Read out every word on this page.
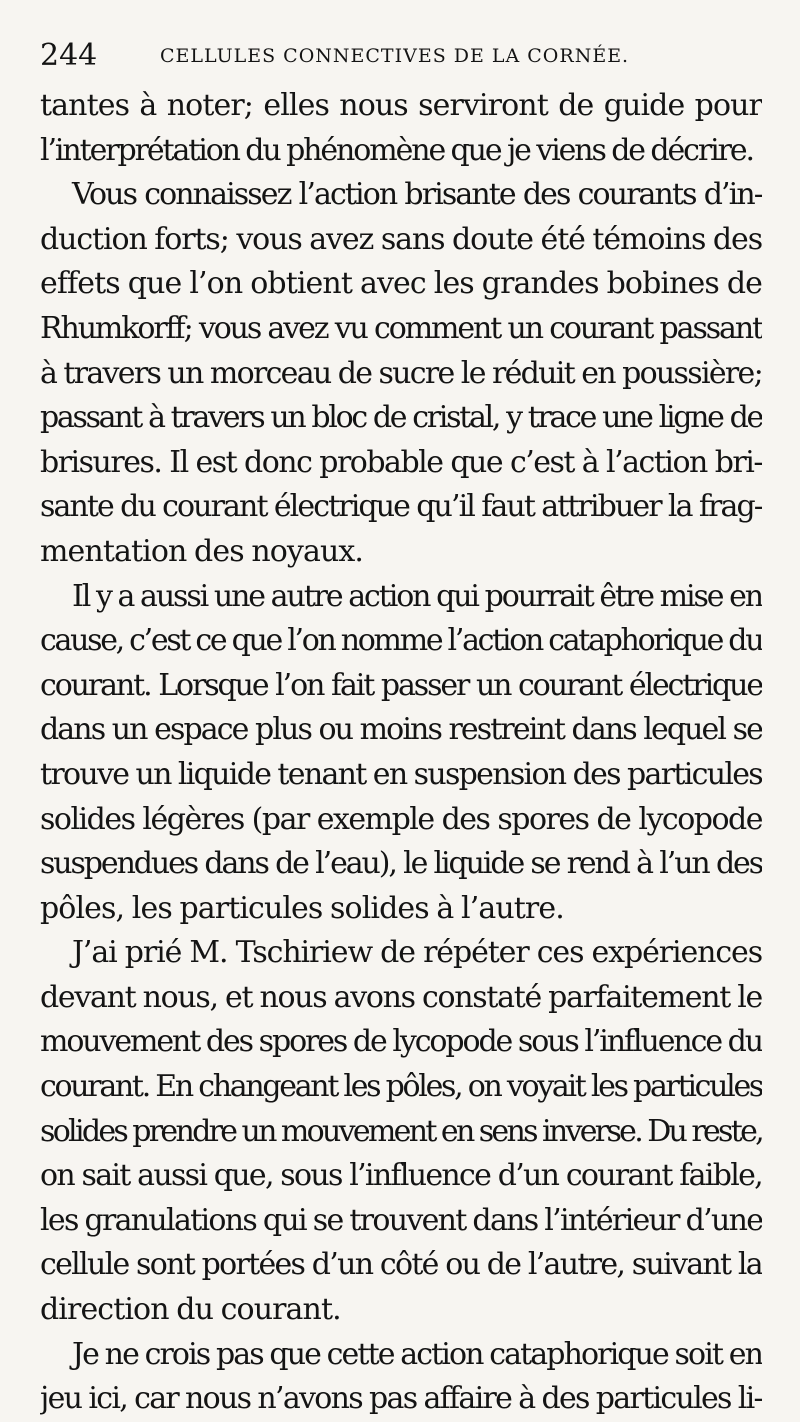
244	CELLULES CONNECTIVES DE LA CORNÉE.
tantes à noter; elles nous serviront de guide pour
l’interprétation du phénomène que je viens de décrire.
Vous connaissez l’action brisante des courants d’in-
duction forts; vous avez sans doute été témoins des
effets que l’on obtient avec les grandes bobines de
Rhumkorff; vous avez vu comment un courant passant
à travers un morceau de sucre le réduit en poussière;
passant à travers un bloc de cristal, y trace une ligne de
brisures. Il est donc probable que c’est à l’action bri-
sante du courant électrique qu’il faut attribuer la frag-
mentation des noyaux.
Il y a aussi une autre action qui pourrait être mise en
cause, c’est ce que l’on nomme l’action cataphorique du
courant. Lorsque l’on fait passer un courant électrique
dans un espace plus ou moins restreint dans lequel se
trouve un liquide tenant en suspension des particules
solides légères (par exemple des spores de lycopode
suspendues dans de l’eau), le liquide se rend à l’un des
pôles, les particules solides à l’autre.
J’ai prié M. Tschiriew de répéter ces expériences
devant nous, et nous avons constaté parfaitement le
mouvement des spores de lycopode sous l’influence du
courant. En changeant les pôles, on voyait les particules
solides prendre un mouvement en sens inverse. Du reste,
on sait aussi que, sous l’influence d’un courant faible,
les granulations qui se trouvent dans l’intérieur d’une
cellule sont portées d’un côté ou de l’autre, suivant la
direction du courant.
Je ne crois pas que cette action cataphorique soit en
jeu ici, car nous n’avons pas affaire à des particules li-
